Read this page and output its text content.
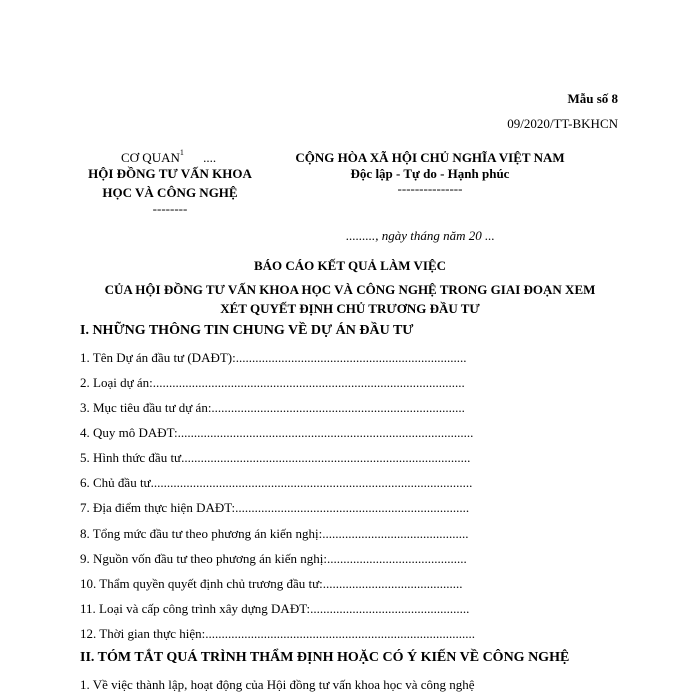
Mẫu số 8
09/2020/TT-BKHCN
CƠ QUAN$^1$ ....
HỘI ĐỒNG TƯ VẤN KHOA
HỌC VÀ CÔNG NGHỆ
--------
CỘNG HÒA XÃ HỘI CHỦ NGHĨA VIỆT NAM
Độc lập - Tự do - Hạnh phúc
---------------
........., ngày tháng năm 20 ...
BÁO CÁO KẾT QUẢ LÀM VIỆC
CỦA HỘI ĐỒNG TƯ VẤN KHOA HỌC VÀ CÔNG NGHỆ TRONG GIAI ĐOẠN XEM
XÉT QUYẾT ĐỊNH CHỦ TRƯƠNG ĐẦU TƯ
I. NHỮNG THÔNG TIN CHUNG VỀ DỰ ÁN ĐẦU TƯ
1. Tên Dự án đầu tư (DAĐT):.......................................................................
2. Loại dự án:................................................................................................
3. Mục tiêu đầu tư dự án:..............................................................................
4. Quy mô DAĐT:...........................................................................................
5. Hình thức đầu tư.........................................................................................
6. Chủ đầu tư...................................................................................................
7. Địa điểm thực hiện DAĐT:........................................................................
8. Tổng mức đầu tư theo phương án kiến nghị:.............................................
9. Nguồn vốn đầu tư theo phương án kiến nghị:...........................................
10. Thẩm quyền quyết định chủ trương đầu tư:...........................................
11. Loại và cấp công trình xây dựng DAĐT:.................................................
12. Thời gian thực hiện:...................................................................................
II. TÓM TẮT QUÁ TRÌNH THẨM ĐỊNH HOẶC CÓ Ý KIẾN VỀ CÔNG NGHỆ
1. Về việc thành lập, hoạt động của Hội đồng tư vấn khoa học và công nghệ
